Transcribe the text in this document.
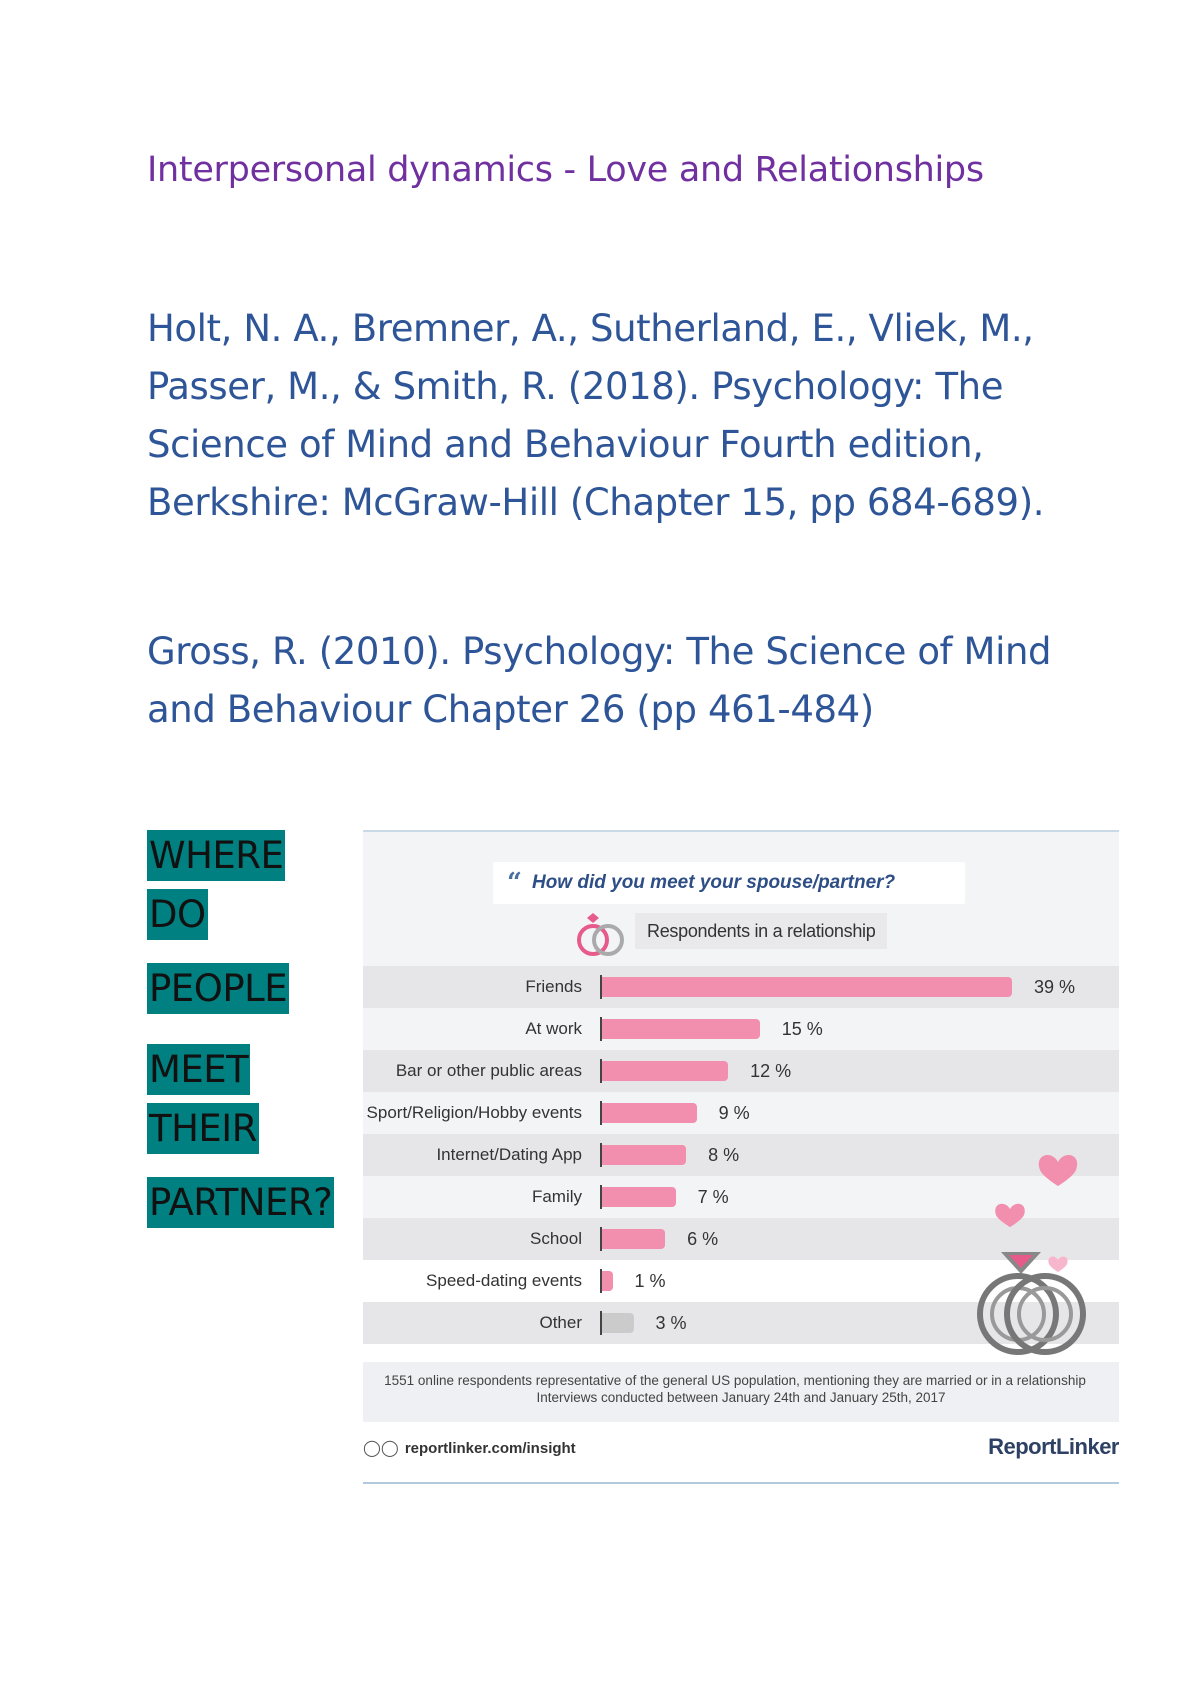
Interpersonal dynamics - Love and Relationships

Holt, N. A., Bremner, A., Sutherland, E., Vliek, M., Passer, M., & Smith, R. (2018). Psychology: The Science of Mind and Behaviour Fourth edition, Berkshire: McGraw-Hill (Chapter 15, pp 684-689).

Gross, R. (2010). Psychology: The Science of Mind and Behaviour Chapter 26 (pp 461-484)

WHERE
DO
PEOPLE
MEET
THEIR
PARTNER?
“ How did you meet your spouse/partner?
Respondents in a relationship
Friends	39 %
At work	15 %
Bar or other public areas	12 %
Sport/Religion/Hobby events	9 %
Internet/Dating App	8 %
Family	7 %
School	6 %
Speed-dating events	1 %
Other	3 %
1551 online respondents representative of the general US population, mentioning they are married or in a relationship
Interviews conducted between January 24th and January 25th, 2017
◯◯ reportlinker.com/insight	ReportLinker
